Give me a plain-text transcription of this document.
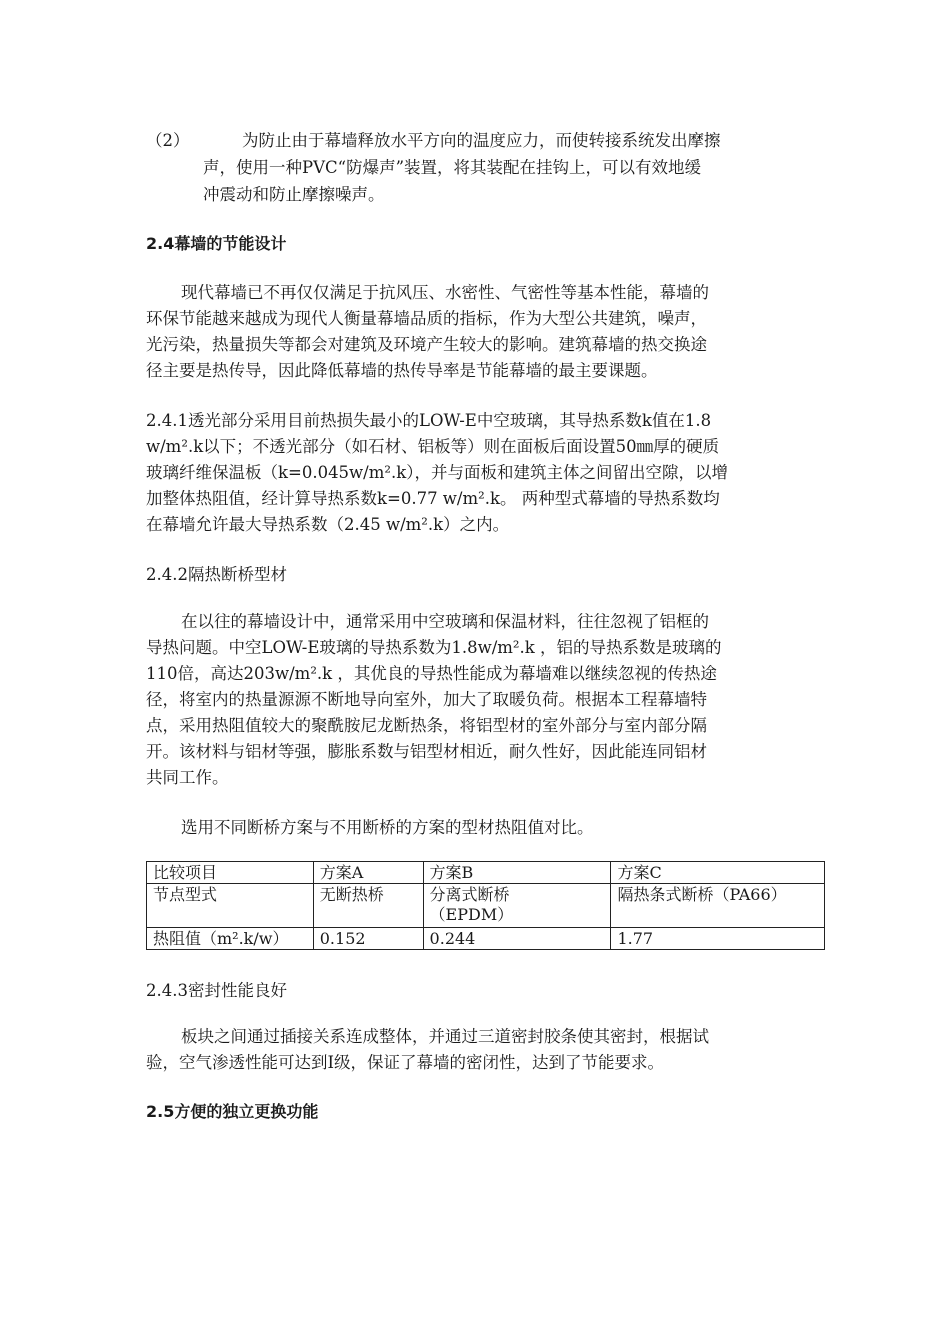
（2）	为防止由于幕墙释放水平方向的温度应力，而使转接系统发出摩擦
声，使用一种PVC“防爆声”装置，将其装配在挂钩上，可以有效地缓
冲震动和防止摩擦噪声。
2.4幕墙的节能设计
现代幕墙已不再仅仅满足于抗风压、水密性、气密性等基本性能，幕墙的
环保节能越来越成为现代人衡量幕墙品质的指标，作为大型公共建筑，噪声，
光污染，热量损失等都会对建筑及环境产生较大的影响。建筑幕墙的热交换途
径主要是热传导，因此降低幕墙的热传导率是节能幕墙的最主要课题。
2.4.1透光部分采用目前热损失最小的LOW-E中空玻璃，其导热系数k值在1.8
w/m².k以下；不透光部分（如石材、铝板等）则在面板后面设置50㎜厚的硬质
玻璃纤维保温板（k=0.045w/m².k），并与面板和建筑主体之间留出空隙，以增
加整体热阻值，经计算导热系数k=0.77 w/m².k。 两种型式幕墙的导热系数均
在幕墙允许最大导热系数（2.45 w/m².k）之内。
2.4.2隔热断桥型材
在以往的幕墙设计中，通常采用中空玻璃和保温材料，往往忽视了铝框的
导热问题。中空LOW-E玻璃的导热系数为1.8w/m².k ，铝的导热系数是玻璃的
110倍，高达203w/m².k ，其优良的导热性能成为幕墙难以继续忽视的传热途
径，将室内的热量源源不断地导向室外，加大了取暖负荷。根据本工程幕墙特
点，采用热阻值较大的聚酰胺尼龙断热条，将铝型材的室外部分与室内部分隔
开。该材料与铝材等强，膨胀系数与铝型材相近，耐久性好，因此能连同铝材
共同工作。
选用不同断桥方案与不用断桥的方案的型材热阻值对比。
比较项目	方案A	方案B	方案C
节点型式	无断热桥	分离式断桥（EPDM）	隔热条式断桥（PA66）
热阻值（m².k/w）	0.152	0.244	1.77
2.4.3密封性能良好
板块之间通过插接关系连成整体，并通过三道密封胶条使其密封，根据试
验，空气渗透性能可达到Ⅰ级，保证了幕墙的密闭性，达到了节能要求。
2.5方便的独立更换功能
